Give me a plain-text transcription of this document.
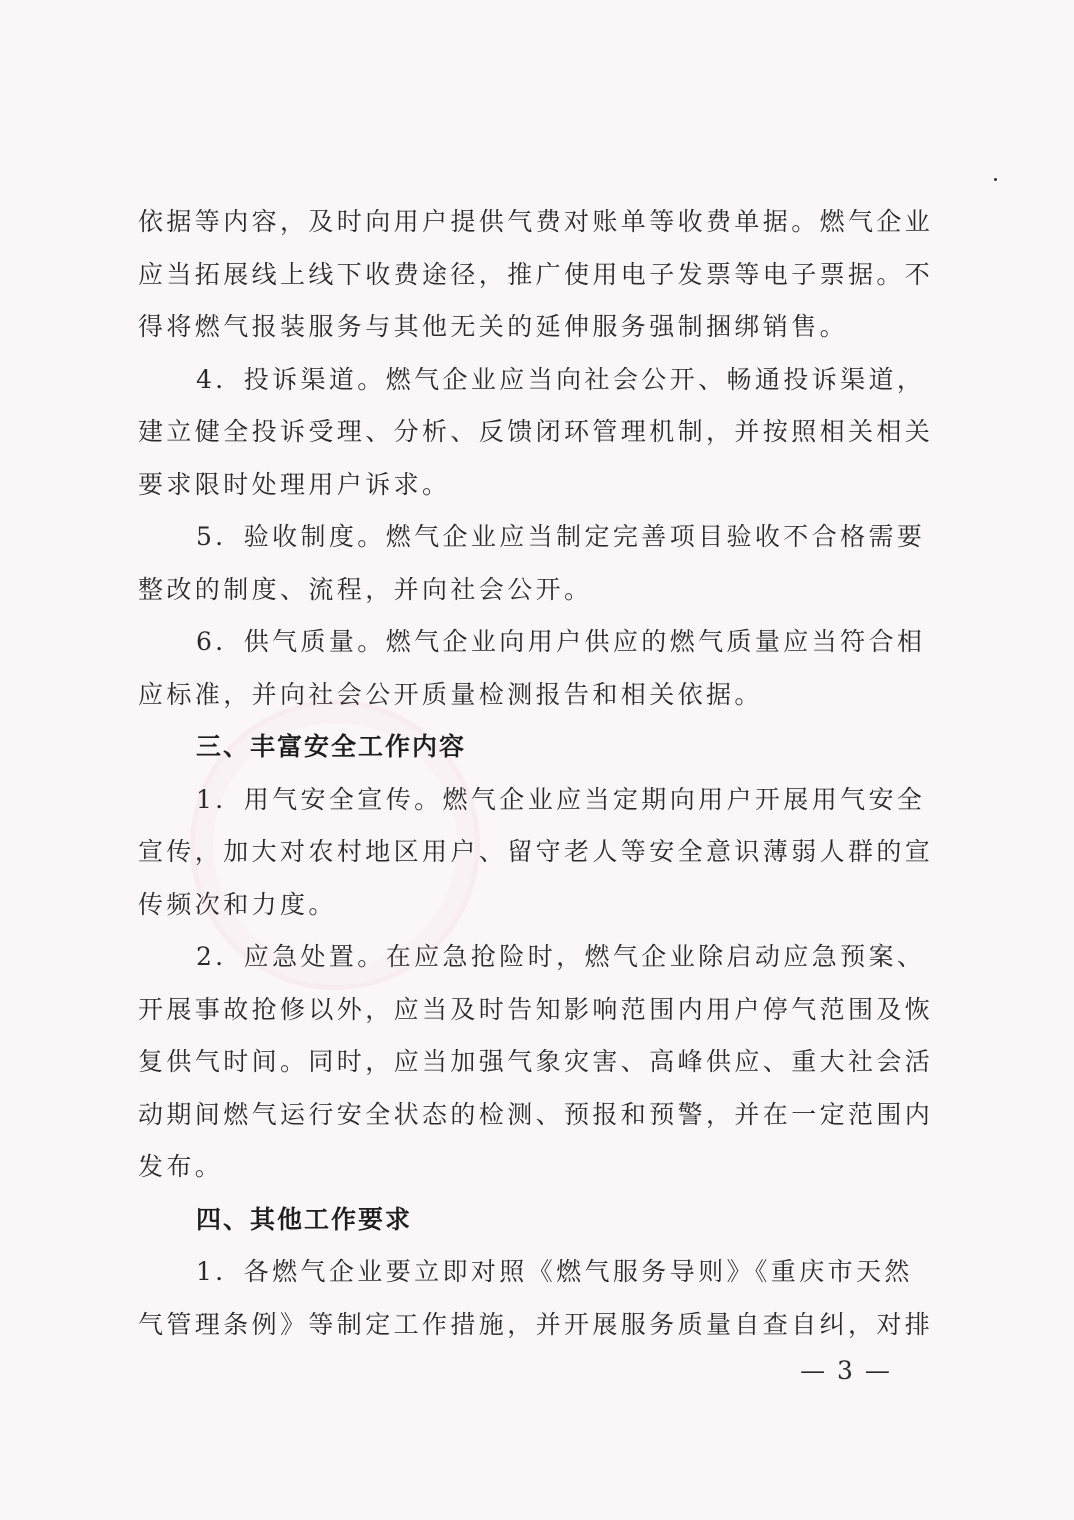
依据等内容，及时向用户提供气费对账单等收费单据。燃气企业
应当拓展线上线下收费途径，推广使用电子发票等电子票据。不
得将燃气报装服务与其他无关的延伸服务强制捆绑销售。
4．投诉渠道。燃气企业应当向社会公开、畅通投诉渠道，
建立健全投诉受理、分析、反馈闭环管理机制，并按照相关相关
要求限时处理用户诉求。
5．验收制度。燃气企业应当制定完善项目验收不合格需要
整改的制度、流程，并向社会公开。
6．供气质量。燃气企业向用户供应的燃气质量应当符合相
应标准，并向社会公开质量检测报告和相关依据。
三、丰富安全工作内容
1．用气安全宣传。燃气企业应当定期向用户开展用气安全
宣传，加大对农村地区用户、留守老人等安全意识薄弱人群的宣
传频次和力度。
2．应急处置。在应急抢险时，燃气企业除启动应急预案、
开展事故抢修以外，应当及时告知影响范围内用户停气范围及恢
复供气时间。同时，应当加强气象灾害、高峰供应、重大社会活
动期间燃气运行安全状态的检测、预报和预警，并在一定范围内
发布。
四、其他工作要求
1．各燃气企业要立即对照《燃气服务导则》《重庆市天然
气管理条例》等制定工作措施，并开展服务质量自查自纠，对排
— 3 —
